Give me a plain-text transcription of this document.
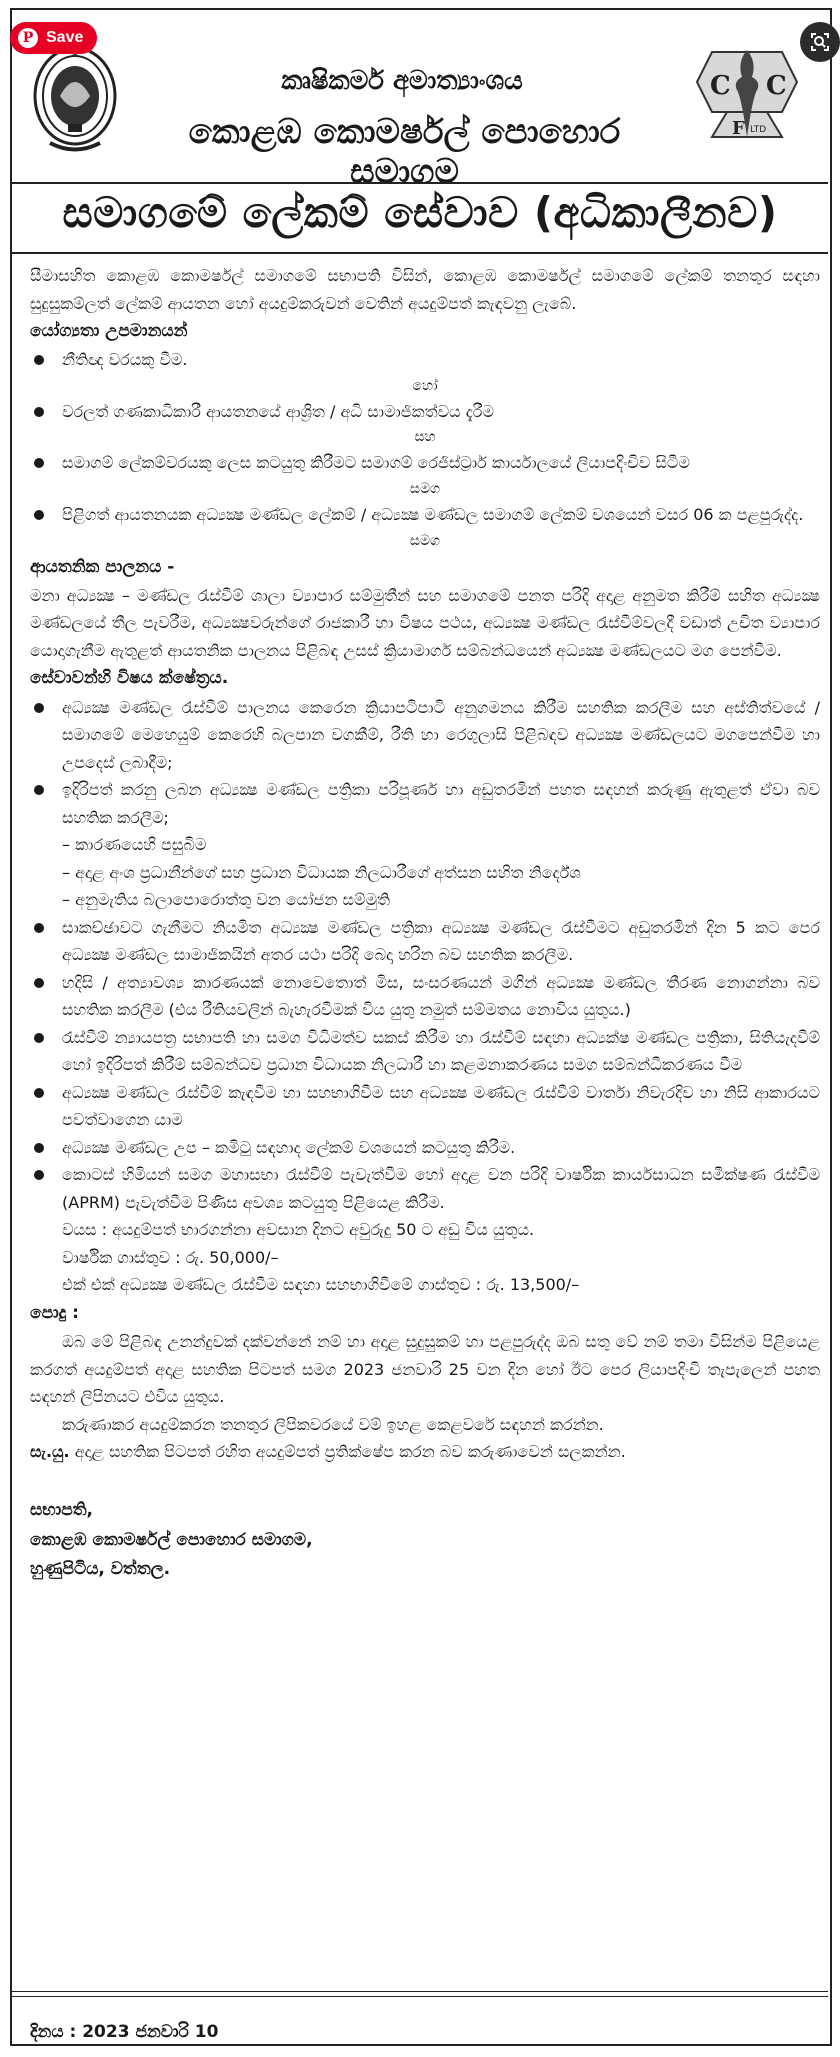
P Save
කෘෂිකර්ම අමාත්‍යාංශය
කොළඹ කොමර්ෂල් පොහොර සමාගම
C C
F LTD
සමාගමේ ලේකම් සේවාව (අධිකාලීනව)

සීමාසහිත කොළඹ කොමර්ෂල් සමාගමේ සභාපති විසින්, කොළඹ කොමර්ෂල් සමාගමේ ලේකම් තනතුර සඳහා සුදුසුකම්ලත් ලේකම් ආයතන හෝ අයදුම්කරුවන් වෙතින් අයදුම්පත් කැඳවනු ලැබේ.

යෝග්‍යතා උපමානයන්

නීතිඥ වරයකු වීම.

හෝ

වරලත් ගණකාධිකාරී ආයතනයේ ආශ්‍රිත / අධි සාමාජිකත්වය දැරීම

සහ

සමාගම් ලේකම්වරයකු ලෙස කටයුතු කිරීමට සමාගම් රෙජිස්ට්‍රාර් කාර්යාලයේ ලියාපදිංචිව සිටීම

සමග

පිළිගත් ආයතනයක අධ්‍යක්‍ෂ මණ්ඩල ලේකම් / අධ්‍යක්‍ෂ මණ්ඩල සමාගම් ලේකම් වශයෙන් වසර 06 ක පළපුරුද්ද.

සමග

ආයතනික පාලනය -

මනා අධ්‍යක්‍ෂ – මණ්ඩල රැස්වීම් ශාලා ව්‍යාපාර සම්මුතීන් සහ සමාගමේ පනත පරිදි අදාළ අනුමත කිරීම් සහිත අධ්‍යක්‍ෂ මණ්ඩලයේ තීල පැවරීම, අධ්‍යක්‍ෂවරුන්ගේ රාජකාරී හා විෂය පථය, අධ්‍යක්‍ෂ මණ්ඩල රැස්වීම්වලදී වඩාත් උචිත ව්‍යාපාර යොදාගැනීම ඇතුළත් ආයතනික පාලනය පිළිබඳ උසස් ක්‍රියාමාර්ග සම්බන්ධයෙන් අධ්‍යක්‍ෂ මණ්ඩලයට මග පෙන්වීම.

සේවාවන්හි විෂය ක්ෂේත්‍රය.

අධ්‍යක්‍ෂ මණ්ඩල රැස්වීම් පාලනය කෙරෙන ක්‍රියාපටිපාටි අනුගමනය කිරීම සහතික කරලීම සහ අස්තිත්වයේ / සමාගමේ මෙහෙයුම් කෙරෙහි බලපාන වගකීම්, රීති හා රෙගුලාසි පිළිබඳව අධ්‍යක්‍ෂ මණ්ඩලයට මගපෙන්වීම හා උපදෙස් ලබාදීම;

ඉදිරිපත් කරනු ලබන අධ්‍යක්‍ෂ මණ්ඩල පත්‍රිකා පරිපූර්ණ හා අඩුතරමින් පහත සඳහන් කරුණු ඇතුළත් ඒවා බව සහතික කරලීම;

– කාරණයෙහි පසුබිම

– අදාළ අංශ ප්‍රධානීන්ගේ සහ ප්‍රධාන විධායක නිලධාරීගේ අත්සන සහිත නිර්දේශ

– අනුමැතිය බලාපොරොත්තු වන යෝජන සම්මුති

සාකච්ඡාවට ගැනීමට නියමිත අධ්‍යක්‍ෂ මණ්ඩල පත්‍රිකා අධ්‍යක්‍ෂ මණ්ඩල රැස්වීමට අඩුතරමින් දින 5 කට පෙර අධ්‍යක්‍ෂ මණ්ඩල සාමාජිකයින් අතර යථා පරිදි බෙදා හරින බව සහතික කරලීම.

හදිසි / අත්‍යාවශ්‍ය කාරණයක් නොවෙතොත් මිස, සංසරණයන් මගින් අධ්‍යක්‍ෂ මණ්ඩල තීරණ නොගන්නා බව සහතික කරලීම (එය රීතියවලින් බැහැරවීමක් විය යුතු නමුත් සම්මතය නොවිය යුතුය.)

රැස්වීම් න්‍යායපත්‍ර සභාපති හා සමග විධිමත්ව සකස් කිරීම හා රැස්වීම් සඳහා අධ්‍යක්ෂ මණ්ඩල පත්‍රිකා, සිතියැදවීම් හෝ ඉදිරිපත් කිරීම් සම්බන්ධව ප්‍රධාන විධායක නිලධාරී හා කළමනාකරණය සමග සම්බන්ධීකරණය වීම

අධ්‍යක්‍ෂ මණ්ඩල රැස්වීම් කැඳවීම හා සහභාගිවීම සහ අධ්‍යක්‍ෂ මණ්ඩල රැස්වීම් වාර්තා නිවැරදිව හා නිසි ආකාරයට පවත්වාගෙන යාම

අධ්‍යක්‍ෂ මණ්ඩල උප – කමිටු සඳහාද ලේකම් වශයෙන් කටයුතු කිරීම.

කොටස් හිමියන් සමග මහාසභා රැස්වීම් පැවැත්වීම හෝ අදාළ වන පරිදි වාර්ෂික කාර්යසාධන සමීක්ෂණ රැස්වීම (APRM) පැවැත්වීම පිණිස අවශ්‍ය කටයුතු පිළියෙළ කිරීම.

වයස : අයදුම්පත් භාරගන්නා අවසාන දිනට අවුරුදු 50 ට අඩු විය යුතුය.

වාර්ෂික ගාස්තුව : රු. 50,000/–

එක් එක් අධ්‍යක්‍ෂ මණ්ඩල රැස්වීම සඳහා සහභාගිවීමේ ගාස්තුව : රු. 13,500/–

පොදු :

ඔබ මේ පිළිබඳ උනන්දුවක් දක්වන්නේ නම් හා අදාළ සුදුසුකම් හා පළපුරුද්ද ඔබ සතු වේ නම් තමා විසින්ම පිළියෙළ කරගත් අයදුම්පත් අදාළ සහතික පිටපත් සමග 2023 ජනවාරි 25 වන දින හෝ ඊට පෙර ලියාපදිංචි තැපැලෙන් පහත සඳහන් ලිපිනයට එවිය යුතුය.

කරුණාකර අයදුම්කරන තනතුර ලිපිකවරයේ වම් ඉහළ කෙළවරේ සඳහන් කරන්න.

සැ.යු. අදාළ සහතික පිටපත් රහිත අයදුම්පත් ප්‍රතික්ෂේප කරන බව කරුණාවෙන් සලකන්න.

සභාපති,

කොළඹ කොමර්ෂල් පොහොර සමාගම,

හුණුපිටිය, වත්තල.

දිනය : 2023 ජනවාරි 10
